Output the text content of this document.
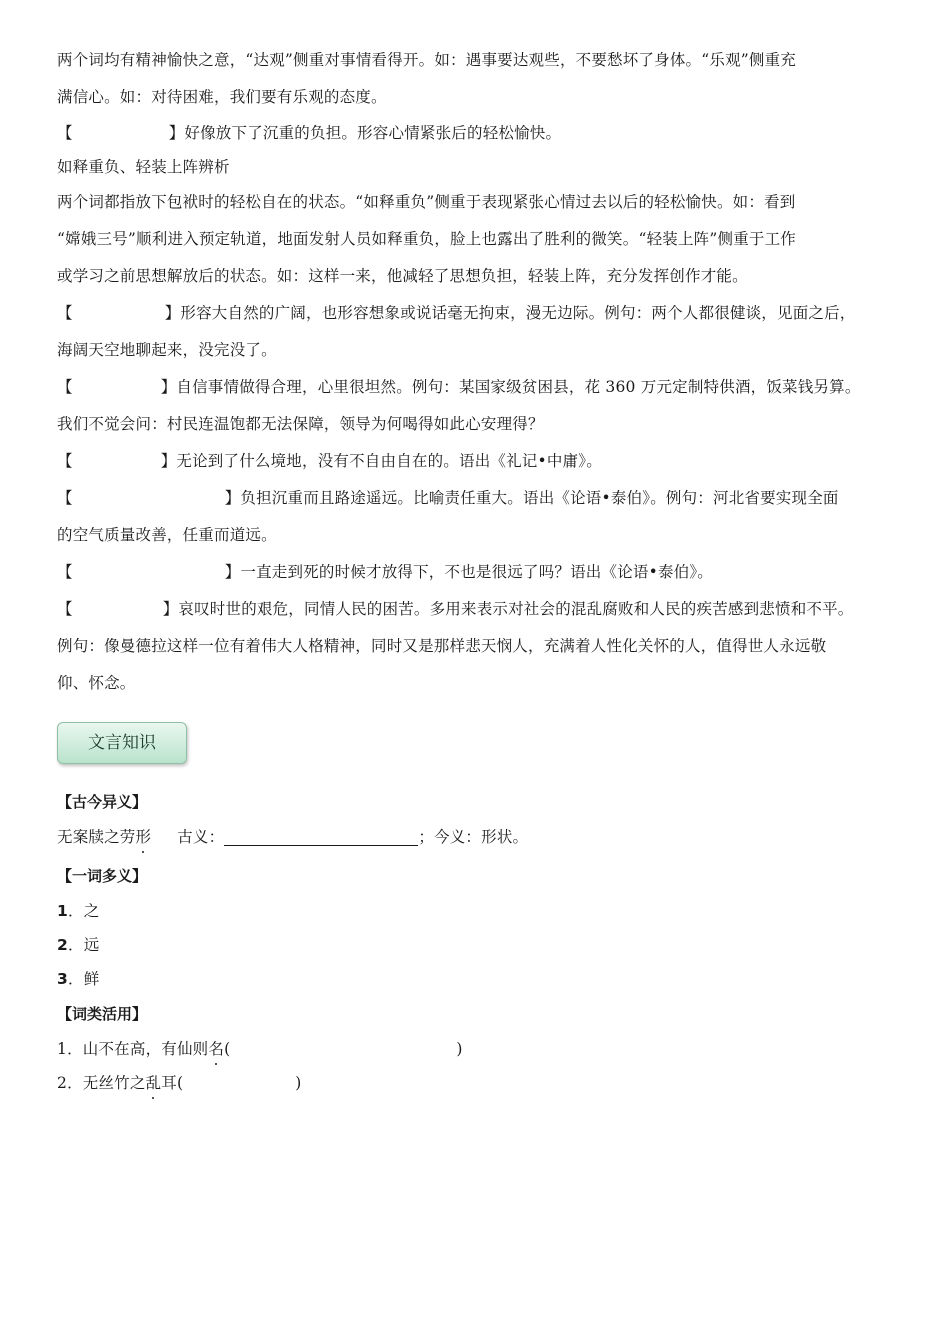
两个词均有精神愉快之意，“达观”侧重对事情看得开。如：遇事要达观些，不要愁坏了身体。“乐观”侧重充
满信心。如：对待困难，我们要有乐观的态度。
【	】好像放下了沉重的负担。形容心情紧张后的轻松愉快。
如释重负、轻装上阵辨析
两个词都指放下包袱时的轻松自在的状态。“如释重负”侧重于表现紧张心情过去以后的轻松愉快。如：看到
“嫦娥三号”顺利进入预定轨道，地面发射人员如释重负，脸上也露出了胜利的微笑。“轻装上阵”侧重于工作
或学习之前思想解放后的状态。如：这样一来，他减轻了思想负担，轻装上阵，充分发挥创作才能。
【	】形容大自然的广阔，也形容想象或说话毫无拘束，漫无边际。例句：两个人都很健谈，见面之后，
海阔天空地聊起来，没完没了。
【	】自信事情做得合理，心里很坦然。例句：某国家级贫困县，花 360 万元定制特供酒，饭菜钱另算。
我们不觉会问：村民连温饱都无法保障，领导为何喝得如此心安理得？
【	】无论到了什么境地，没有不自由自在的。语出《礼记•中庸》。
【	】负担沉重而且路途遥远。比喻责任重大。语出《论语•泰伯》。例句：河北省要实现全面
的空气质量改善，任重而道远。
【	】一直走到死的时候才放得下，不也是很远了吗？语出《论语•泰伯》。
【	】哀叹时世的艰危，同情人民的困苦。多用来表示对社会的混乱腐败和人民的疾苦感到悲愤和不平。
例句：像曼德拉这样一位有着伟大人格精神，同时又是那样悲天悯人，充满着人性化关怀的人，值得世人永远敬
仰、怀念。
文言知识
【古今异义】
无案牍之劳形 古义：	；今义：形状。
【一词多义】
1．之
2．远
3．鲜
【词类活用】
1．山不在高，有仙则名(	)
2．无丝竹之乱耳(	)
